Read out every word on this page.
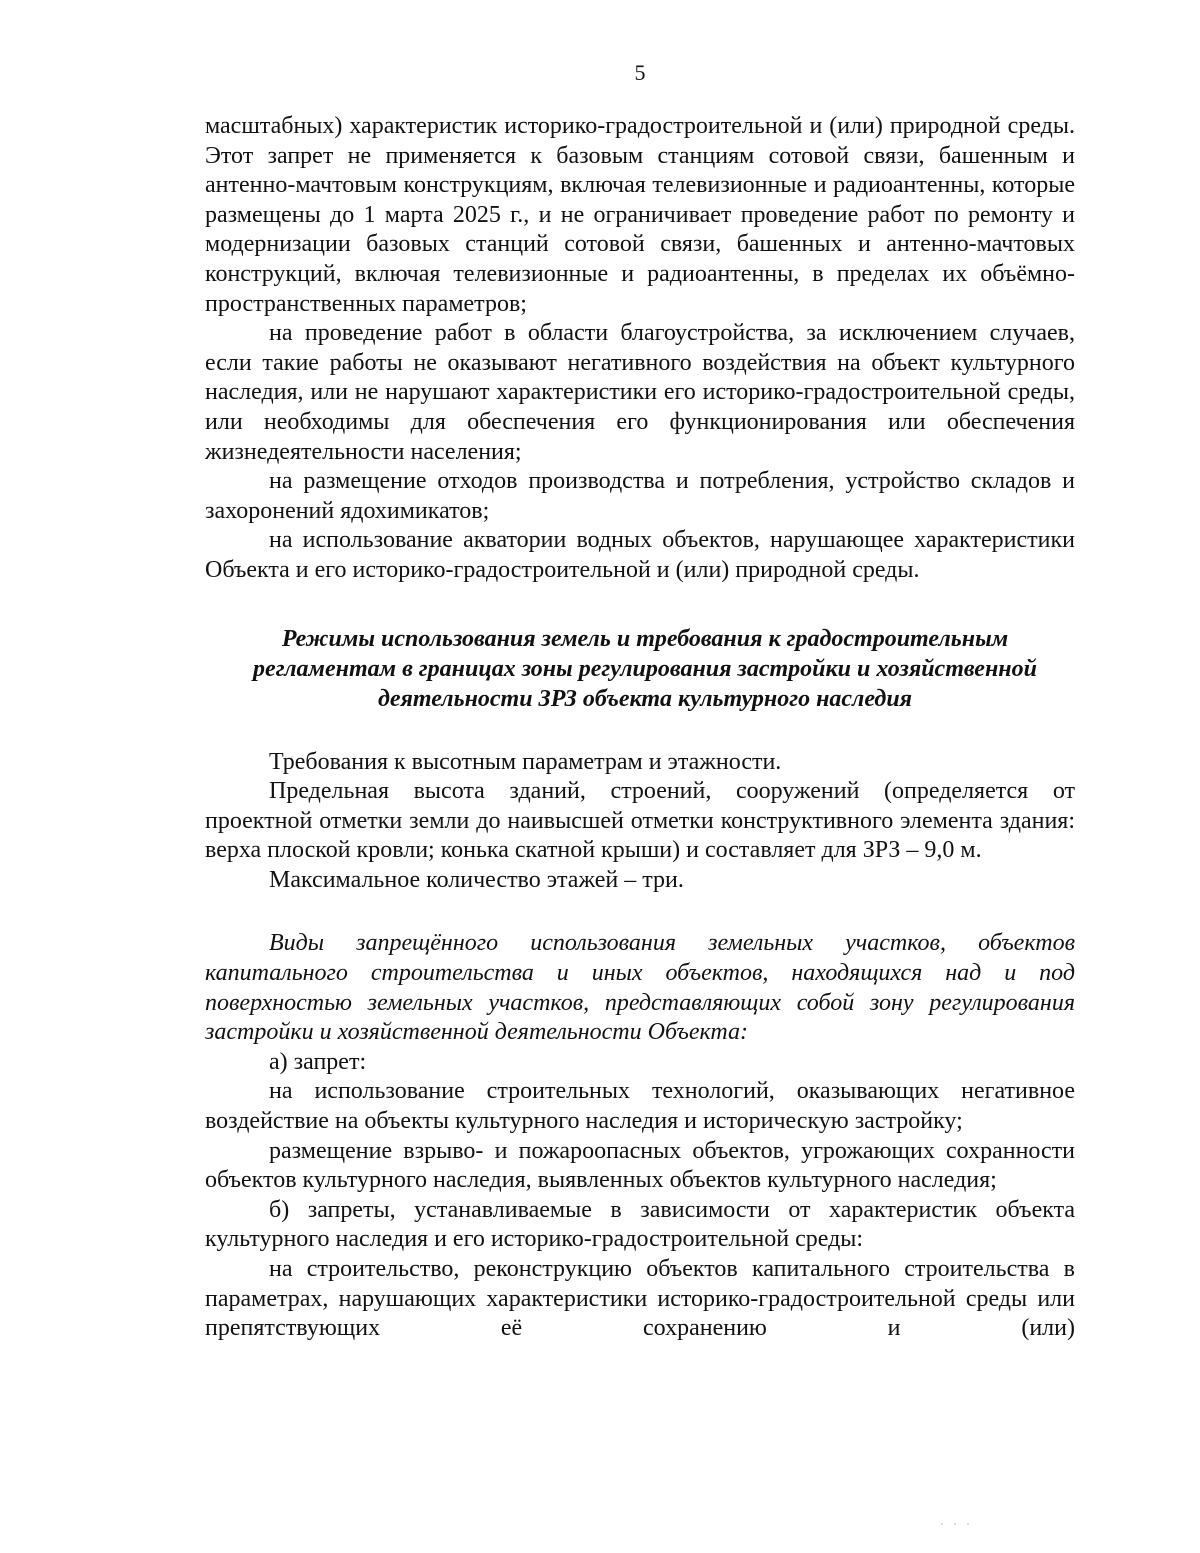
5

масштабных) характеристик историко-градостроительной и (или) природной среды. Этот запрет не применяется к базовым станциям сотовой связи, башенным и антенно-мачтовым конструкциям, включая телевизионные и радиоантенны, которые размещены до 1 марта 2025 г., и не ограничивает проведение работ по ремонту и модернизации базовых станций сотовой связи, башенных и антенно-мачтовых конструкций, включая телевизионные и радиоантенны, в пределах их объёмно-пространственных параметров;

на проведение работ в области благоустройства, за исключением случаев, если такие работы не оказывают негативного воздействия на объект культурного наследия, или не нарушают характеристики его историко-градостроительной среды, или необходимы для обеспечения его функционирования или обеспечения жизнедеятельности населения;

на размещение отходов производства и потребления, устройство складов и захоронений ядохимикатов;

на использование акватории водных объектов, нарушающее характеристики Объекта и его историко-градостроительной и (или) природной среды.

Режимы использования земель и требования к градостроительным регламентам в границах зоны регулирования застройки и хозяйственной деятельности ЗРЗ объекта культурного наследия

Требования к высотным параметрам и этажности.

Предельная высота зданий, строений, сооружений (определяется от проектной отметки земли до наивысшей отметки конструктивного элемента здания: верха плоской кровли; конька скатной крыши) и составляет для ЗРЗ – 9,0 м.

Максимальное количество этажей – три.

Виды запрещённого использования земельных участков, объектов капитального строительства и иных объектов, находящихся над и под поверхностью земельных участков, представляющих собой зону регулирования застройки и хозяйственной деятельности Объекта:

а) запрет:

на использование строительных технологий, оказывающих негативное воздействие на объекты культурного наследия и историческую застройку;

размещение взрыво- и пожароопасных объектов, угрожающих сохранности объектов культурного наследия, выявленных объектов культурного наследия;

б) запреты, устанавливаемые в зависимости от характеристик объекта культурного наследия и его историко-градостроительной среды:

на строительство, реконструкцию объектов капитального строительства в параметрах, нарушающих характеристики историко-градостроительной среды или препятствующих её сохранению и (или)

˙ ˙ ˙
